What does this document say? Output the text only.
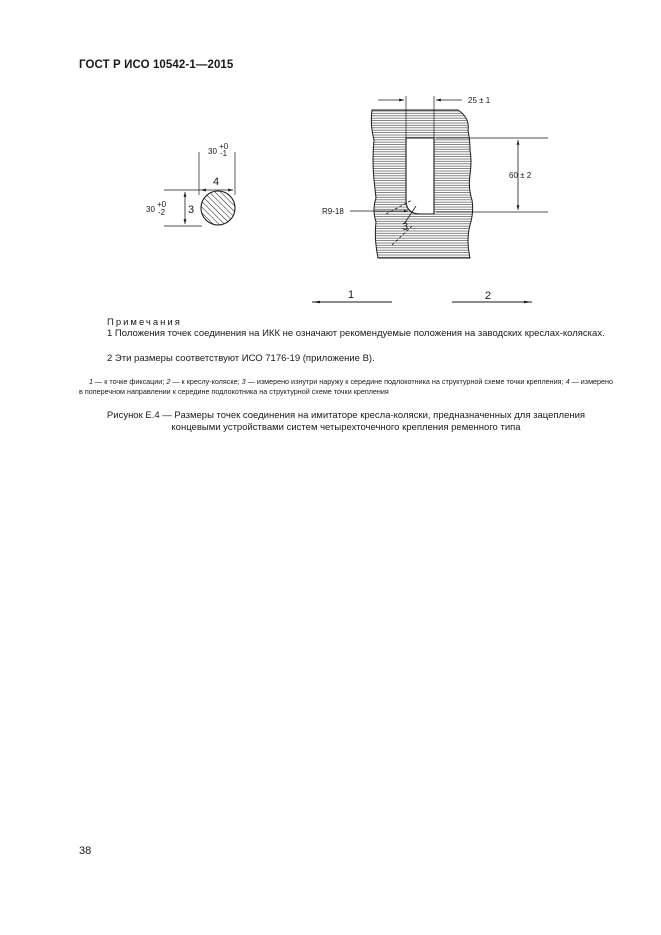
ГОСТ Р ИСО 10542-1—2015
30
+0
-1
4
30
+0
-2 3
25 ± 1
60 ± 2
R9-18
3
1	2
Примечания
1 Положения точек соединения на ИКК не означают рекомендуемые положения на заводских креслах-колясках.
2 Эти размеры соответствуют ИСО 7176-19 (приложение В).
1 — к точке фиксации; 2 — к креслу-коляске; 3 — измерено изнутри наружу к середине подлокотника на структурной схеме точки крепления; 4 — измерено в поперечном направлении к середине подлокотника на структурной схеме точки крепления
Рисунок Е.4 — Размеры точек соединения на имитаторе кресла-коляски, предназначенных для зацепления
концевыми устройствами систем четырехточечного крепления ременного типа
38
